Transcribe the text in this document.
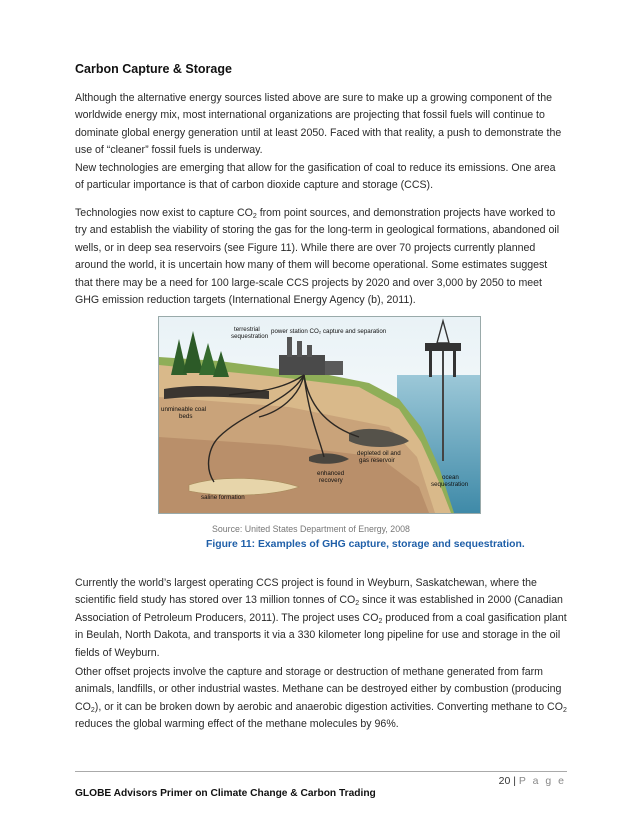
Carbon Capture & Storage
Although the alternative energy sources listed above are sure to make up a growing component of the worldwide energy mix, most international organizations are projecting that fossil fuels will continue to dominate global energy generation until at least 2050. Faced with that reality, a push to demonstrate the use of “cleaner” fossil fuels is underway.
New technologies are emerging that allow for the gasification of coal to reduce its emissions. One area of particular importance is that of carbon dioxide capture and storage (CCS).
Technologies now exist to capture $CO_2$ from point sources, and demonstration projects have worked to try and establish the viability of storing the gas for the long-term in geological formations, abandoned oil wells, or in deep sea reservoirs (see Figure 11). While there are over 70 projects currently planned around the world, it is uncertain how many of them will become operational. Some estimates suggest that there may be a need for 100 large-scale CCS projects by 2020 and over 3,000 by 2050 to meet GHG emission reduction targets (International Energy Agency (b), 2011).
terrestrial
sequestration
power station CO₂ capture and separation
unmineable coal
beds
depleted oil and
gas reservoir
enhanced
recovery
saline formation
ocean
sequestration
Source: United States Department of Energy, 2008
Figure 11: Examples of GHG capture, storage and sequestration.
Currently the world’s largest operating CCS project is found in Weyburn, Saskatchewan, where the scientific field study has stored over 13 million tonnes of $CO_2$ since it was established in 2000 (Canadian Association of Petroleum Producers, 2011). The project uses $CO_2$ produced from a coal gasification plant in Beulah, North Dakota, and transports it via a 330 kilometer long pipeline for use and storage in the oil fields of Weyburn.
Other offset projects involve the capture and storage or destruction of methane generated from farm animals, landfills, or other industrial wastes. Methane can be destroyed either by combustion (producing $CO_2$), or it can be broken down by aerobic and anaerobic digestion activities. Converting methane to $CO_2$ reduces the global warming effect of the methane molecules by 96%.
20 | P a g e
GLOBE Advisors Primer on Climate Change & Carbon Trading
